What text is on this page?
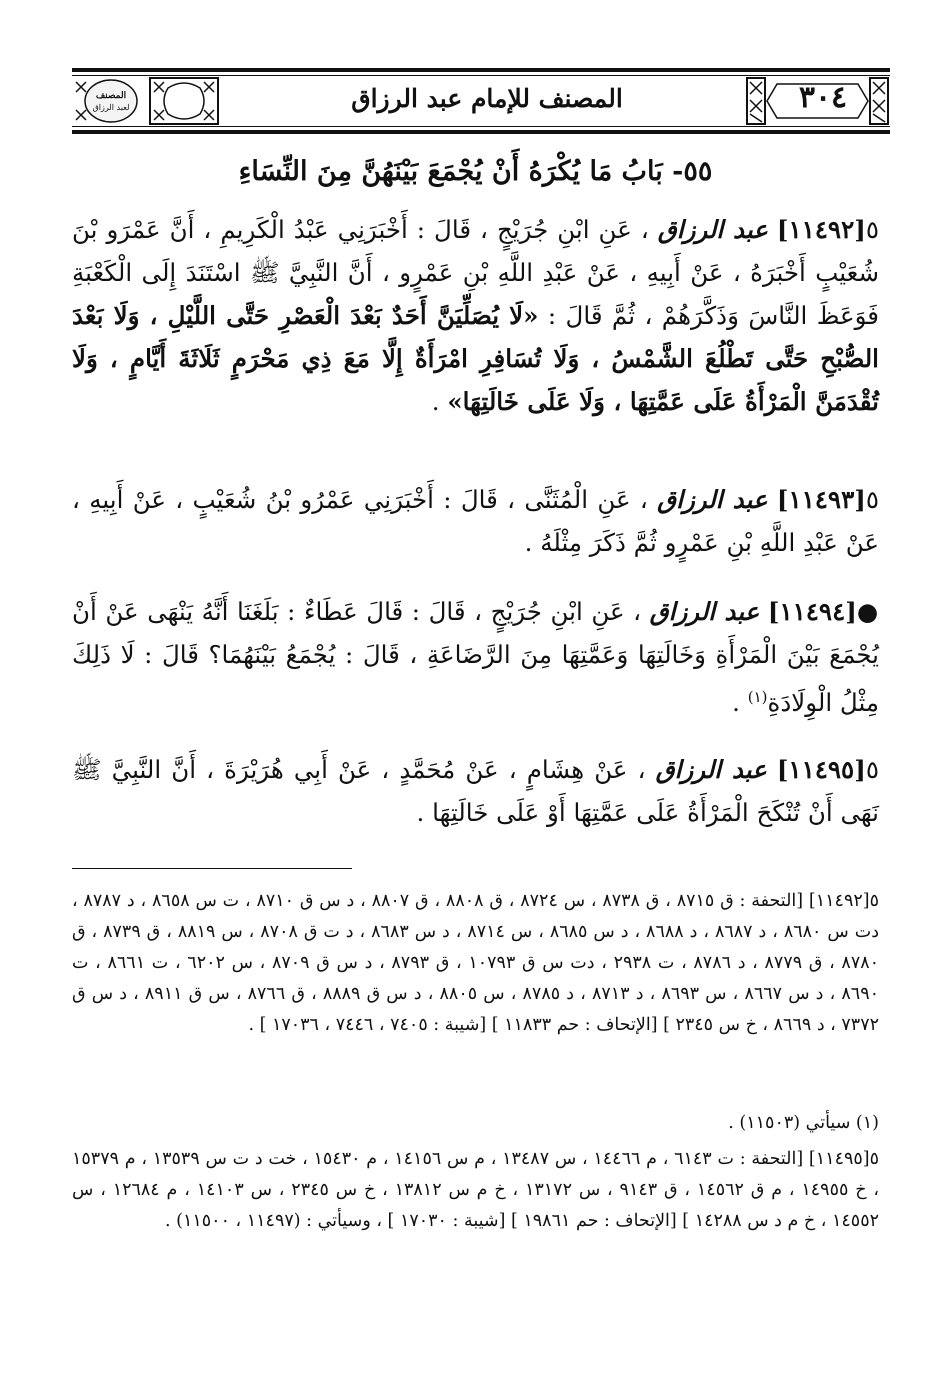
٣٠٤
المصنف للإمام عبد الرزاق
المصنف
لعبد الرزاق
٥٥- بَابُ مَا يُكْرَهُ أَنْ يُجْمَعَ بَيْنَهُنَّ مِنَ النِّسَاءِ
٥[١١٤٩٢] عبد الرزاق ، عَنِ ابْنِ جُرَيْجٍ ، قَالَ : أَخْبَرَنِي عَبْدُ الْكَرِيمِ ، أَنَّ عَمْرَو بْنَ شُعَيْبٍ أَخْبَرَهُ ، عَنْ أَبِيهِ ، عَنْ عَبْدِ اللَّهِ بْنِ عَمْرٍو ، أَنَّ النَّبِيَّ ﷺ اسْتَنَدَ إِلَى الْكَعْبَةِ فَوَعَظَ النَّاسَ وَذَكَّرَهُمْ ، ثُمَّ قَالَ : «لَا يُصَلِّيَنَّ أَحَدٌ بَعْدَ الْعَصْرِ حَتَّى اللَّيْلِ ، وَلَا بَعْدَ الصُّبْحِ حَتَّى تَطْلُعَ الشَّمْسُ ، وَلَا تُسَافِرِ امْرَأَةٌ إِلَّا مَعَ ذِي مَحْرَمٍ ثَلَاثَةَ أَيَّامٍ ، وَلَا تُقْدَمَنَّ الْمَرْأَةُ عَلَى عَمَّتِهَا ، وَلَا عَلَى خَالَتِهَا» .
٥[١١٤٩٣] عبد الرزاق ، عَنِ الْمُثَنَّى ، قَالَ : أَخْبَرَنِي عَمْرُو بْنُ شُعَيْبٍ ، عَنْ أَبِيهِ ، عَنْ عَبْدِ اللَّهِ بْنِ عَمْرٍو ثُمَّ ذَكَرَ مِثْلَهُ .
●[١١٤٩٤] عبد الرزاق ، عَنِ ابْنِ جُرَيْجٍ ، قَالَ : قَالَ عَطَاءٌ : بَلَغَنَا أَنَّهُ يَنْهَى عَنْ أَنْ يُجْمَعَ بَيْنَ الْمَرْأَةِ وَخَالَتِهَا وَعَمَّتِهَا مِنَ الرَّضَاعَةِ ، قَالَ : يُجْمَعُ بَيْنَهُمَا؟ قَالَ : لَا ذَلِكَ مِثْلُ الْوِلَادَةِ$^{(١)}$ .
٥[١١٤٩٥] عبد الرزاق ، عَنْ هِشَامٍ ، عَنْ مُحَمَّدٍ ، عَنْ أَبِي هُرَيْرَةَ ، أَنَّ النَّبِيَّ ﷺ نَهَى أَنْ تُنْكَحَ الْمَرْأَةُ عَلَى عَمَّتِهَا أَوْ عَلَى خَالَتِهَا .
٥[١١٤٩٢] [التحفة : ق ٨٧١٥ ، ق ٨٧٣٨ ، س ٨٧٢٤ ، ق ٨٨٠٨ ، ق ٨٨٠٧ ، د س ق ٨٧١٠ ، ت س ٨٦٥٨ ، د ٨٧٨٧ ، دت س ٨٦٨٠ ، د ٨٦٨٧ ، د ٨٦٨٨ ، د س ٨٦٨٥ ، س ٨٧١٤ ، د س ٨٦٨٣ ، د ت ق ٨٧٠٨ ، س ٨٨١٩ ، ق ٨٧٣٩ ، ق ٨٧٨٠ ، ق ٨٧٧٩ ، د ٨٧٨٦ ، ت ٢٩٣٨ ، دت س ق ١٠٧٩٣ ، ق ٨٧٩٣ ، د س ق ٨٧٠٩ ، س ٦٢٠٢ ، ت ٨٦٦١ ، ت ٨٦٩٠ ، د س ٨٦٦٧ ، س ٨٦٩٣ ، د ٨٧١٣ ، د ٨٧٨٥ ، س ٨٨٠٥ ، د س ق ٨٨٨٩ ، ق ٨٧٦٦ ، س ق ٨٩١١ ، د س ق ٧٣٧٢ ، د ٨٦٦٩ ، خ س ٢٣٤٥ ] [الإتحاف : حم ١١٨٣٣ ] [شيبة : ٧٤٠٥ ، ٧٤٤٦ ، ١٧٠٣٦ ] .
(١) سيأتي (١١٥٠٣) .
٥[١١٤٩٥] [التحفة : ت ٦١٤٣ ، م ١٤٤٦٦ ، س ١٣٤٨٧ ، م س ١٤١٥٦ ، م ١٥٤٣٠ ، خت د ت س ١٣٥٣٩ ، م ١٥٣٧٩ ، خ ١٤٩٥٥ ، م ق ١٤٥٦٢ ، ق ٩١٤٣ ، س ١٣١٧٢ ، خ م س ١٣٨١٢ ، خ س ٢٣٤٥ ، س ١٤١٠٣ ، م ١٢٦٨٤ ، س ١٤٥٥٢ ، خ م د س ١٤٢٨٨ ] [الإتحاف : حم ١٩٨٦١ ] [شيبة : ١٧٠٣٠ ] ، وسيأتي : (١١٤٩٧ ، ١١٥٠٠) .
